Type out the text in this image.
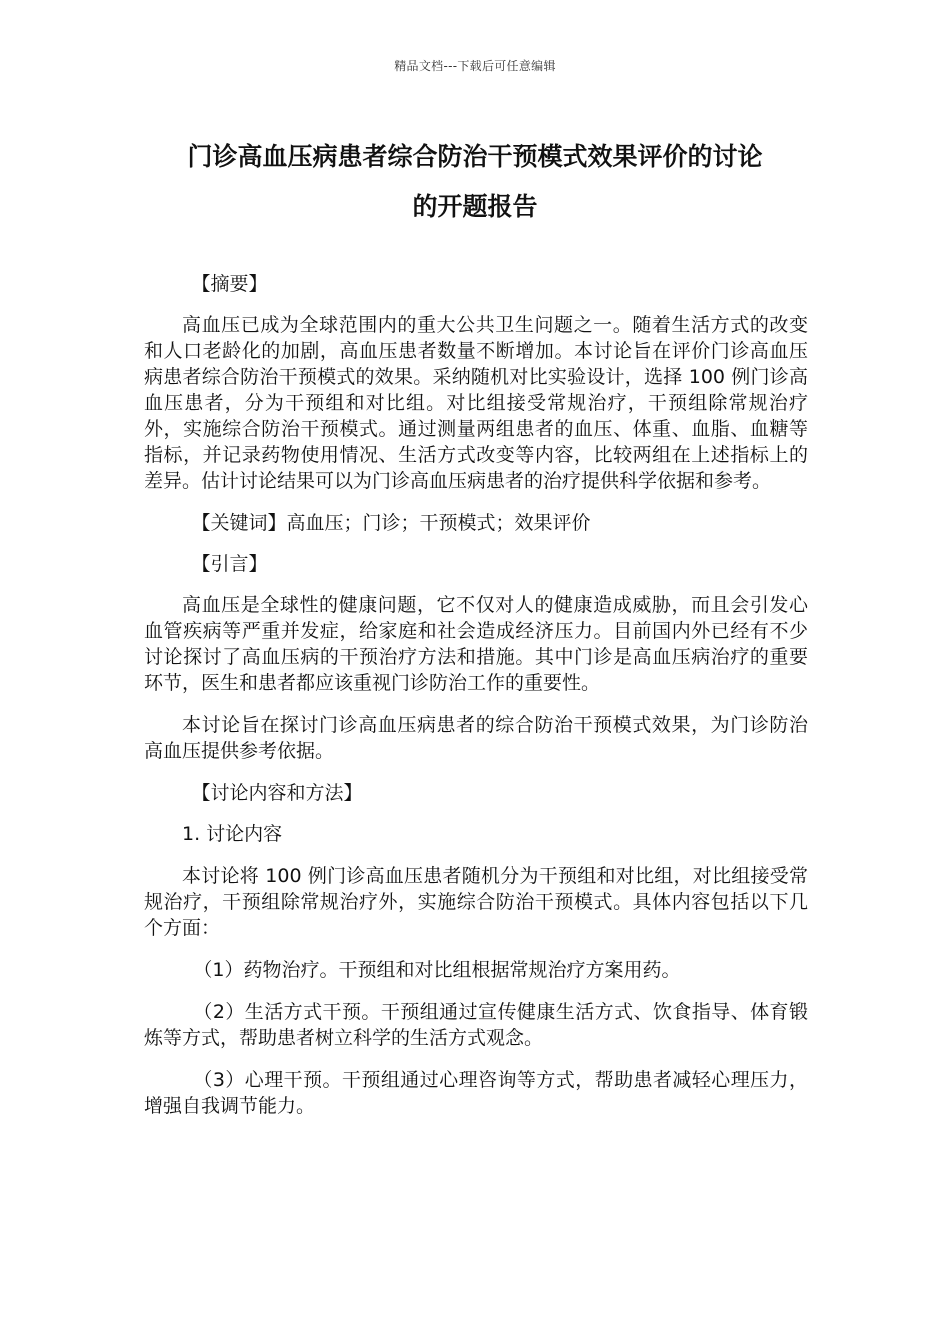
精品文档---下载后可任意编辑
门诊高血压病患者综合防治干预模式效果评价的讨论
的开题报告

【摘要】

高血压已成为全球范围内的重大公共卫生问题之一。随着生活方式的改变和人口老龄化的加剧，高血压患者数量不断增加。本讨论旨在评价门诊高血压病患者综合防治干预模式的效果。采纳随机对比实验设计，选择 100 例门诊高血压患者，分为干预组和对比组。对比组接受常规治疗，干预组除常规治疗外，实施综合防治干预模式。通过测量两组患者的血压、体重、血脂、血糖等指标，并记录药物使用情况、生活方式改变等内容，比较两组在上述指标上的差异。估计讨论结果可以为门诊高血压病患者的治疗提供科学依据和参考。

【关键词】高血压；门诊；干预模式；效果评价

【引言】

高血压是全球性的健康问题，它不仅对人的健康造成威胁，而且会引发心血管疾病等严重并发症，给家庭和社会造成经济压力。目前国内外已经有不少讨论探讨了高血压病的干预治疗方法和措施。其中门诊是高血压病治疗的重要环节，医生和患者都应该重视门诊防治工作的重要性。

本讨论旨在探讨门诊高血压病患者的综合防治干预模式效果，为门诊防治高血压提供参考依据。

【讨论内容和方法】

1. 讨论内容

本讨论将 100 例门诊高血压患者随机分为干预组和对比组，对比组接受常规治疗，干预组除常规治疗外，实施综合防治干预模式。具体内容包括以下几个方面：

（1）药物治疗。干预组和对比组根据常规治疗方案用药。

（2）生活方式干预。干预组通过宣传健康生活方式、饮食指导、体育锻炼等方式，帮助患者树立科学的生活方式观念。

（3）心理干预。干预组通过心理咨询等方式，帮助患者减轻心理压力，增强自我调节能力。
